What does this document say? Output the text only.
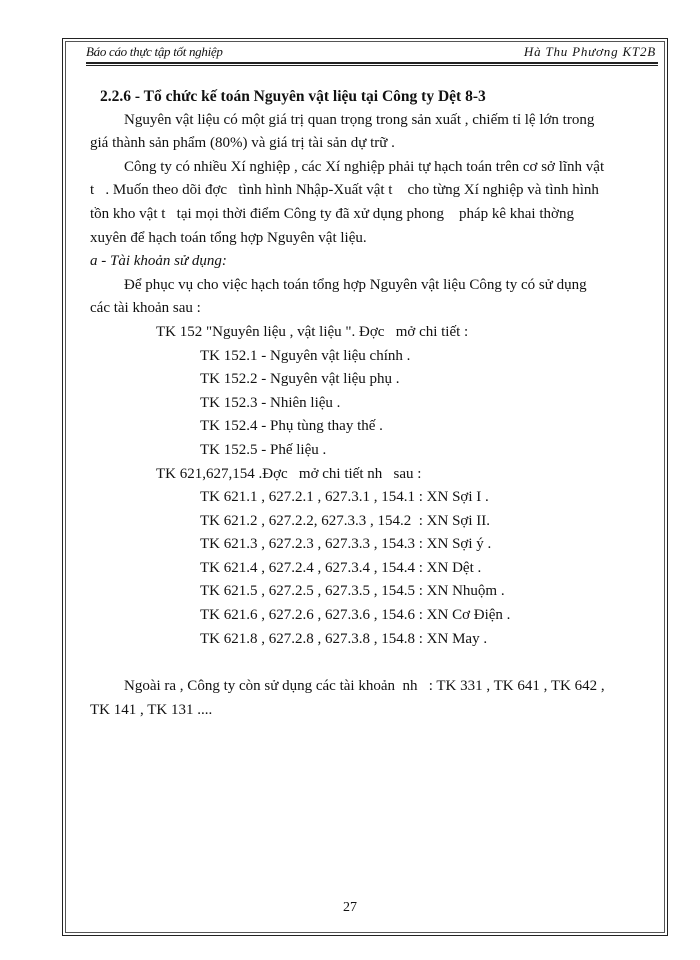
Báo cáo thực tập tốt nghiệp	Hà Thu Phương KT2B

2.2.6 - Tổ chức kế toán Nguyên vật liệu tại Công ty Dệt 8-3

Nguyên vật liệu có một giá trị quan trọng trong sản xuất , chiếm tỉ lệ lớn trong

giá thành sản phẩm (80%) và giá trị tài sản dự trữ .

Công ty có nhiều Xí nghiệp , các Xí nghiệp phải tự hạch toán trên cơ sở lĩnh vật

t   . Muốn theo dõi đợc   tình hình Nhập-Xuất vật t    cho từng Xí nghiệp và tình hình

tồn kho vật t   tại mọi thời điểm Công ty đã xử dụng phong    pháp kê khai thờng

xuyên để hạch toán tổng hợp Nguyên vật liệu.

a - Tài khoản sử dụng:

Để phục vụ cho việc hạch toán tổng hợp Nguyên vật liệu Công ty có sử dụng

các tài khoản sau :

TK 152 "Nguyên liệu , vật liệu ". Đợc   mở chi tiết :

TK 152.1 - Nguyên vật liệu chính .

TK 152.2 - Nguyên vật liệu phụ .

TK 152.3 - Nhiên liệu .

TK 152.4 - Phụ tùng thay thế .

TK 152.5 - Phế liệu .

TK 621,627,154 .Đợc   mở chi tiết nh   sau :

TK 621.1 , 627.2.1 , 627.3.1 , 154.1 : XN Sợi I .

TK 621.2 , 627.2.2, 627.3.3 , 154.2  : XN Sợi II.

TK 621.3 , 627.2.3 , 627.3.3 , 154.3 : XN Sợi ý .

TK 621.4 , 627.2.4 , 627.3.4 , 154.4 : XN Dệt .

TK 621.5 , 627.2.5 , 627.3.5 , 154.5 : XN Nhuộm .

TK 621.6 , 627.2.6 , 627.3.6 , 154.6 : XN Cơ Điện .

TK 621.8 , 627.2.8 , 627.3.8 , 154.8 : XN May .

Ngoài ra , Công ty còn sử dụng các tài khoản  nh   : TK 331 , TK 641 , TK 642 ,

TK 141 , TK 131 ....

27
